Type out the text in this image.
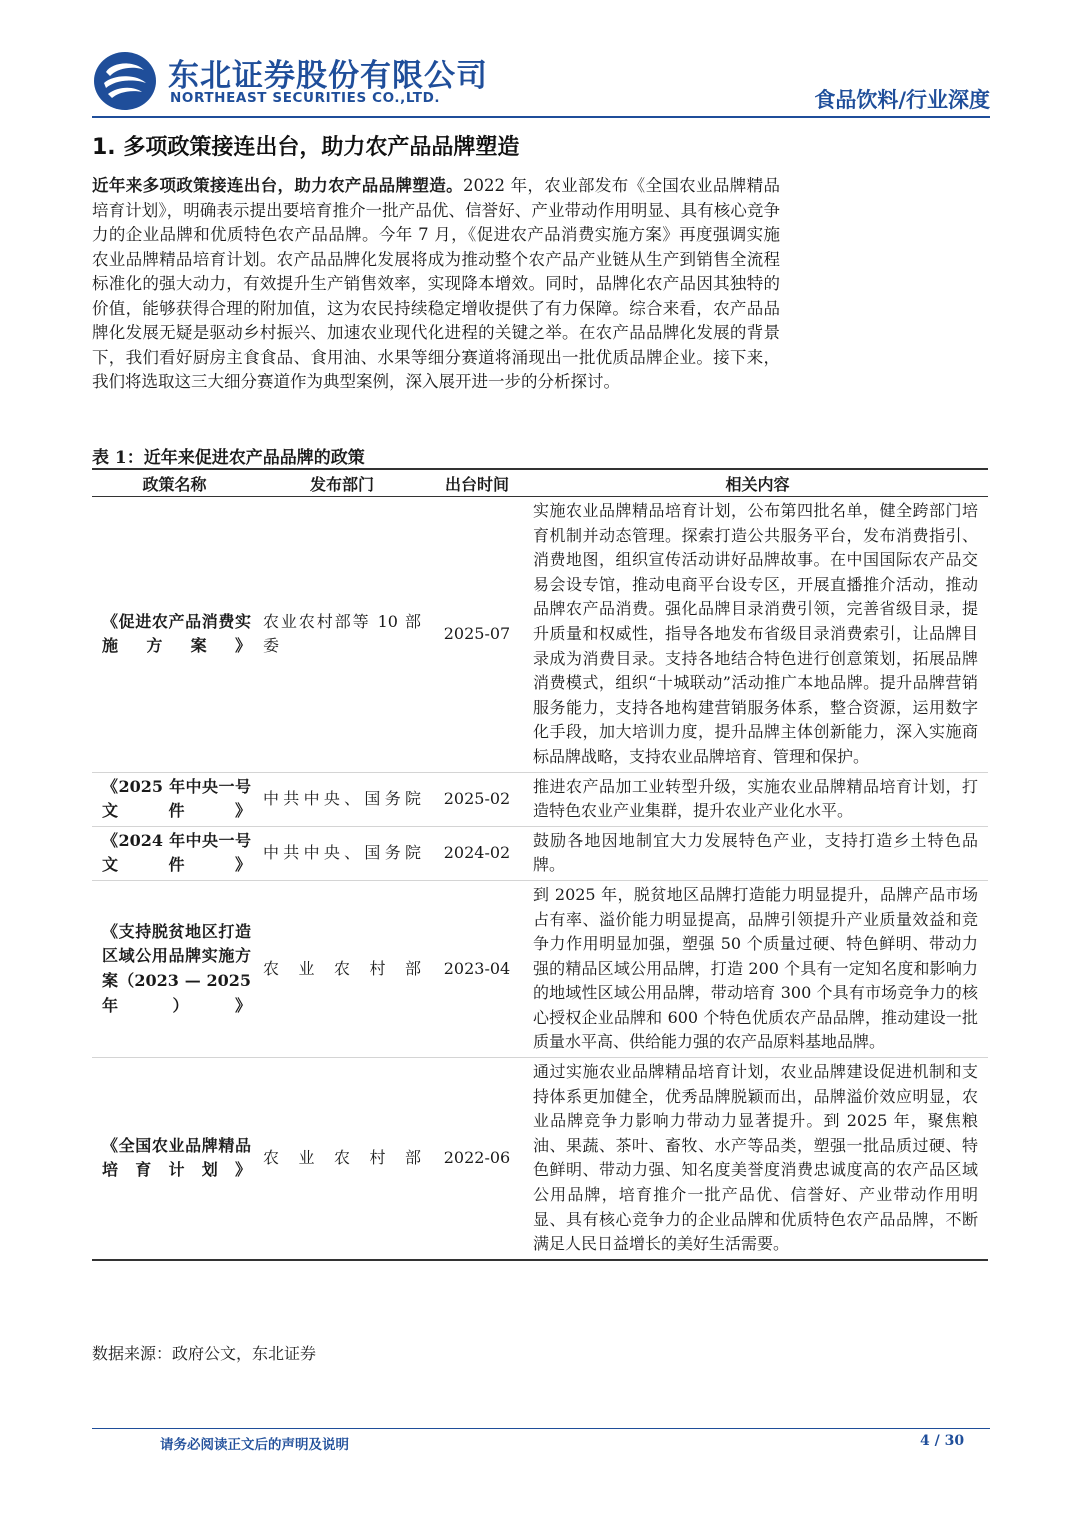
东北证券股份有限公司
NORTHEAST SECURITIES CO.,LTD.	食品饮料/行业深度
1. 多项政策接连出台，助力农产品品牌塑造
近年来多项政策接连出台，助力农产品品牌塑造。2022 年，农业部发布《全国农业品牌精品培育计划》，明确表示提出要培育推介一批产品优、信誉好、产业带动作用明显、具有核心竞争力的企业品牌和优质特色农产品品牌。今年 7 月，《促进农产品消费实施方案》再度强调实施农业品牌精品培育计划。农产品品牌化发展将成为推动整个农产品产业链从生产到销售全流程标准化的强大动力，有效提升生产销售效率，实现降本增效。同时，品牌化农产品因其独特的价值，能够获得合理的附加值，这为农民持续稳定增收提供了有力保障。综合来看，农产品品牌化发展无疑是驱动乡村振兴、加速农业现代化进程的关键之举。在农产品品牌化发展的背景下，我们看好厨房主食食品、食用油、水果等细分赛道将涌现出一批优质品牌企业。接下来，我们将选取这三大细分赛道作为典型案例，深入展开进一步的分析探讨。
表 1：近年来促进农产品品牌的政策
政策名称	发布部门	出台时间	相关内容
《促进农产品消费实施方案》	农业农村部等 10 部委	2025-07	实施农业品牌精品培育计划，公布第四批名单，健全跨部门培育机制并动态管理。探索打造公共服务平台，发布消费指引、消费地图，组织宣传活动讲好品牌故事。在中国国际农产品交易会设专馆，推动电商平台设专区，开展直播推介活动，推动品牌农产品消费。强化品牌目录消费引领，完善省级目录，提升质量和权威性，指导各地发布省级目录消费索引，让品牌目录成为消费目录。支持各地结合特色进行创意策划，拓展品牌消费模式，组织“十城联动”活动推广本地品牌。提升品牌营销服务能力，支持各地构建营销服务体系，整合资源，运用数字化手段，加大培训力度，提升品牌主体创新能力，深入实施商标品牌战略，支持农业品牌培育、管理和保护。
《2025 年中央一号文件》	中共中央、国务院	2025-02	推进农产品加工业转型升级，实施农业品牌精品培育计划，打造特色农业产业集群，提升农业产业化水平。
《2024 年中央一号文件》	中共中央、国务院	2024-02	鼓励各地因地制宜大力发展特色产业，支持打造乡土特色品牌。
《支持脱贫地区打造区域公用品牌实施方案（2023 — 2025 年）》	农业农村部	2023-04	到 2025 年，脱贫地区品牌打造能力明显提升，品牌产品市场占有率、溢价能力明显提高，品牌引领提升产业质量效益和竞争力作用明显加强，塑强 50 个质量过硬、特色鲜明、带动力强的精品区域公用品牌，打造 200 个具有一定知名度和影响力的地域性区域公用品牌，带动培育 300 个具有市场竞争力的核心授权企业品牌和 600 个特色优质农产品品牌，推动建设一批质量水平高、供给能力强的农产品原料基地品牌。
《全国农业品牌精品培育计划》	农业农村部	2022-06	通过实施农业品牌精品培育计划，农业品牌建设促进机制和支持体系更加健全，优秀品牌脱颖而出，品牌溢价效应明显，农业品牌竞争力影响力带动力显著提升。到 2025 年，聚焦粮油、果蔬、茶叶、畜牧、水产等品类，塑强一批品质过硬、特色鲜明、带动力强、知名度美誉度消费忠诚度高的农产品区域公用品牌，培育推介一批产品优、信誉好、产业带动作用明显、具有核心竞争力的企业品牌和优质特色农产品品牌，不断满足人民日益增长的美好生活需要。
数据来源：政府公文，东北证券
请务必阅读正文后的声明及说明	4 / 30
